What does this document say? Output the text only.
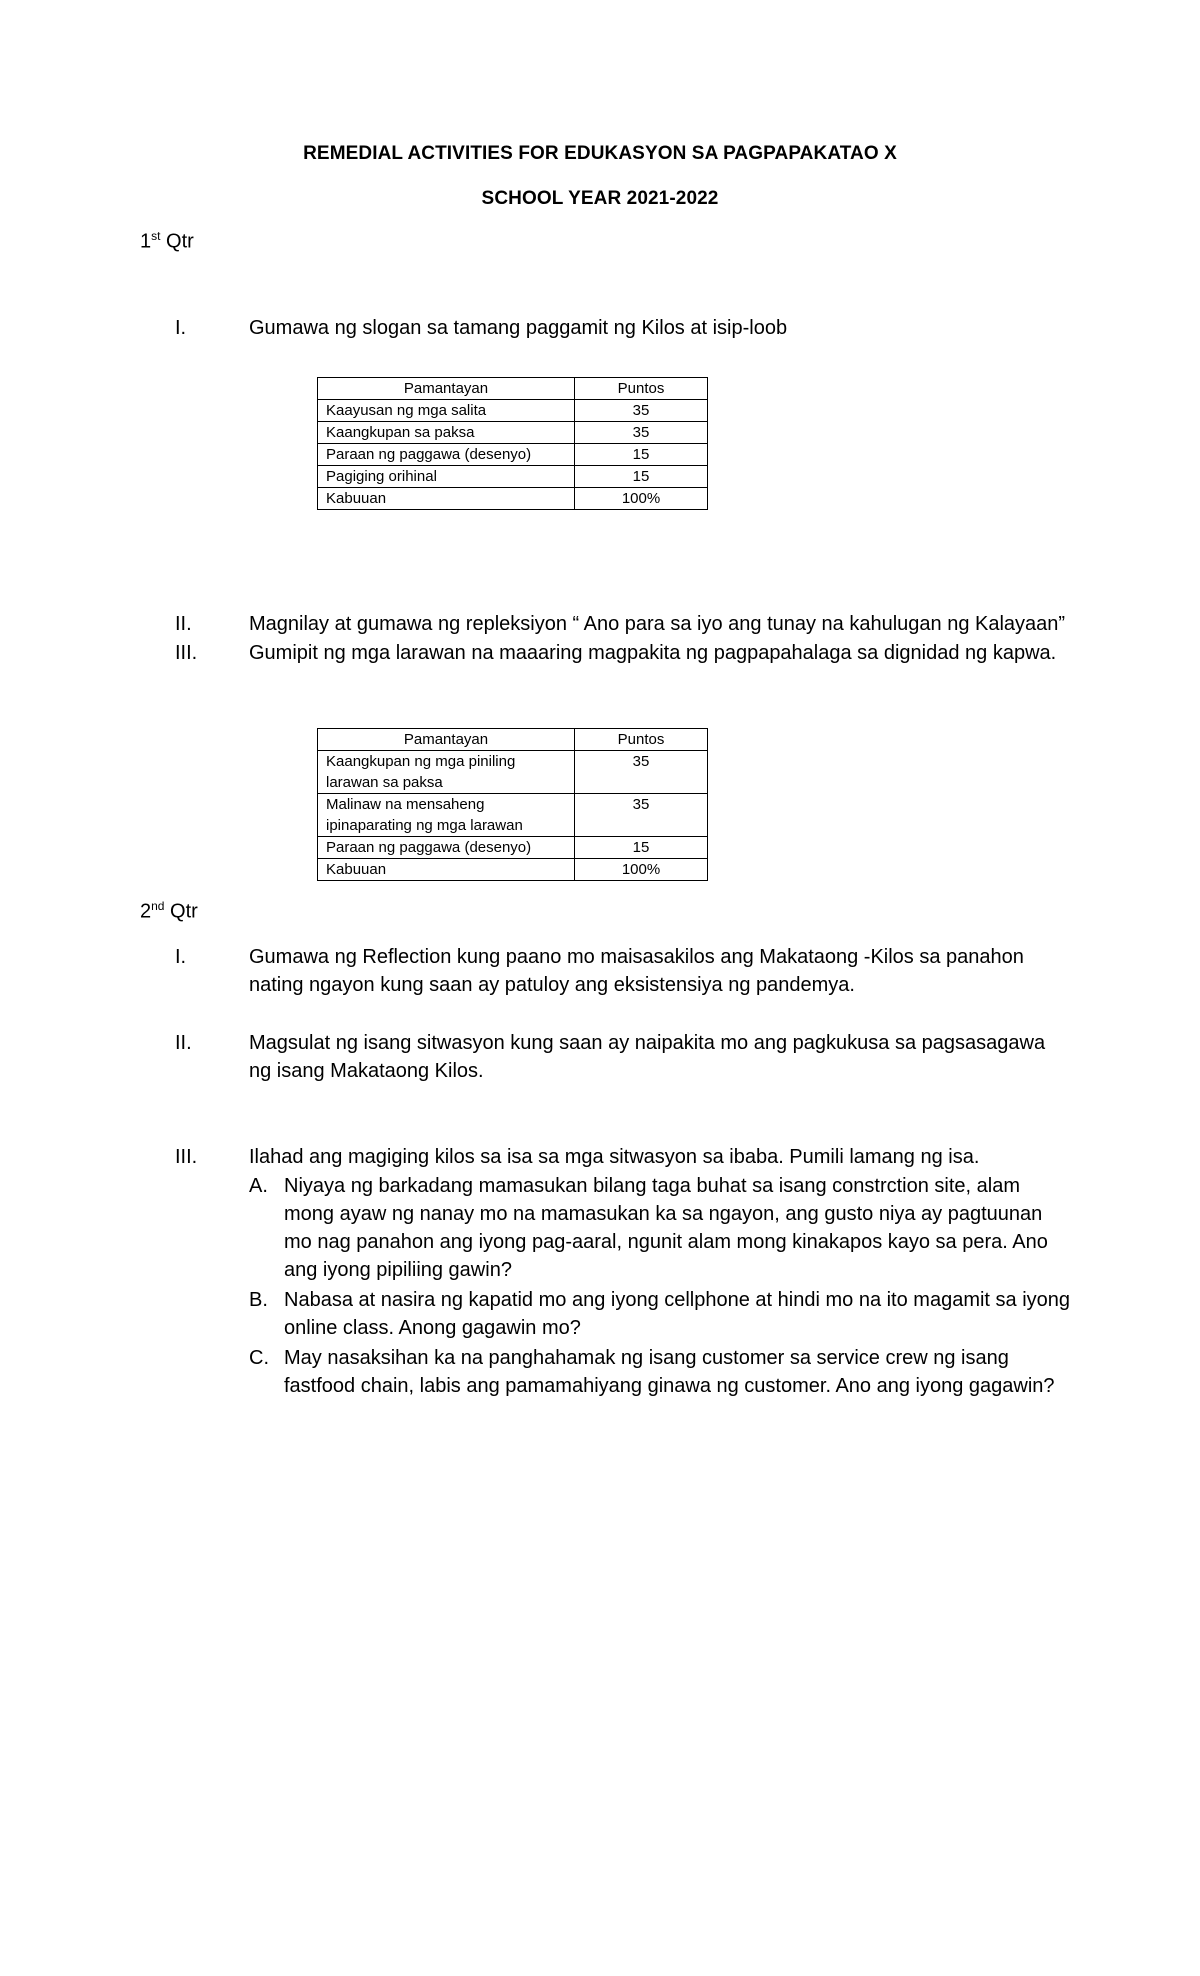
REMEDIAL ACTIVITIES FOR EDUKASYON SA PAGPAPAKATAO X
SCHOOL YEAR 2021-2022
1st Qtr
I.	Gumawa ng slogan sa tamang paggamit ng Kilos at isip-loob
Pamantayan	Puntos
Kaayusan ng mga salita	35
Kaangkupan sa paksa	35
Paraan ng paggawa (desenyo)	15
Pagiging orihinal	15
Kabuuan	100%
II.	Magnilay at gumawa ng repleksiyon “ Ano para sa iyo ang tunay na kahulugan ng Kalayaan”
III.	Gumipit ng mga larawan na maaaring magpakita ng pagpapahalaga sa dignidad ng kapwa.
Pamantayan	Puntos
Kaangkupan ng mga piniling larawan sa paksa	35
Malinaw na mensaheng ipinaparating ng mga larawan	35
Paraan ng paggawa (desenyo)	15
Kabuuan	100%
2nd Qtr
I.	Gumawa ng Reflection kung paano mo maisasakilos ang Makataong -Kilos sa panahon nating ngayon kung saan ay patuloy ang eksistensiya ng pandemya.
II.	Magsulat ng isang sitwasyon kung saan ay naipakita mo ang pagkukusa sa pagsasagawa ng isang Makataong Kilos.
III.	Ilahad ang magiging kilos sa isa sa mga sitwasyon sa ibaba. Pumili lamang ng isa.
A. Niyaya ng barkadang mamasukan bilang taga buhat sa isang constrction site, alam mong ayaw ng nanay mo na mamasukan ka sa ngayon, ang gusto niya ay pagtuunan mo nag panahon ang iyong pag-aaral, ngunit alam mong kinakapos kayo sa pera. Ano ang iyong pipiliing gawin?
B. Nabasa at nasira ng kapatid mo ang iyong cellphone at hindi mo na ito magamit sa iyong online class. Anong gagawin mo?
C. May nasaksihan ka na panghahamak ng isang customer sa service crew ng isang fastfood chain, labis ang pamamahiyang ginawa ng customer. Ano ang iyong gagawin?
